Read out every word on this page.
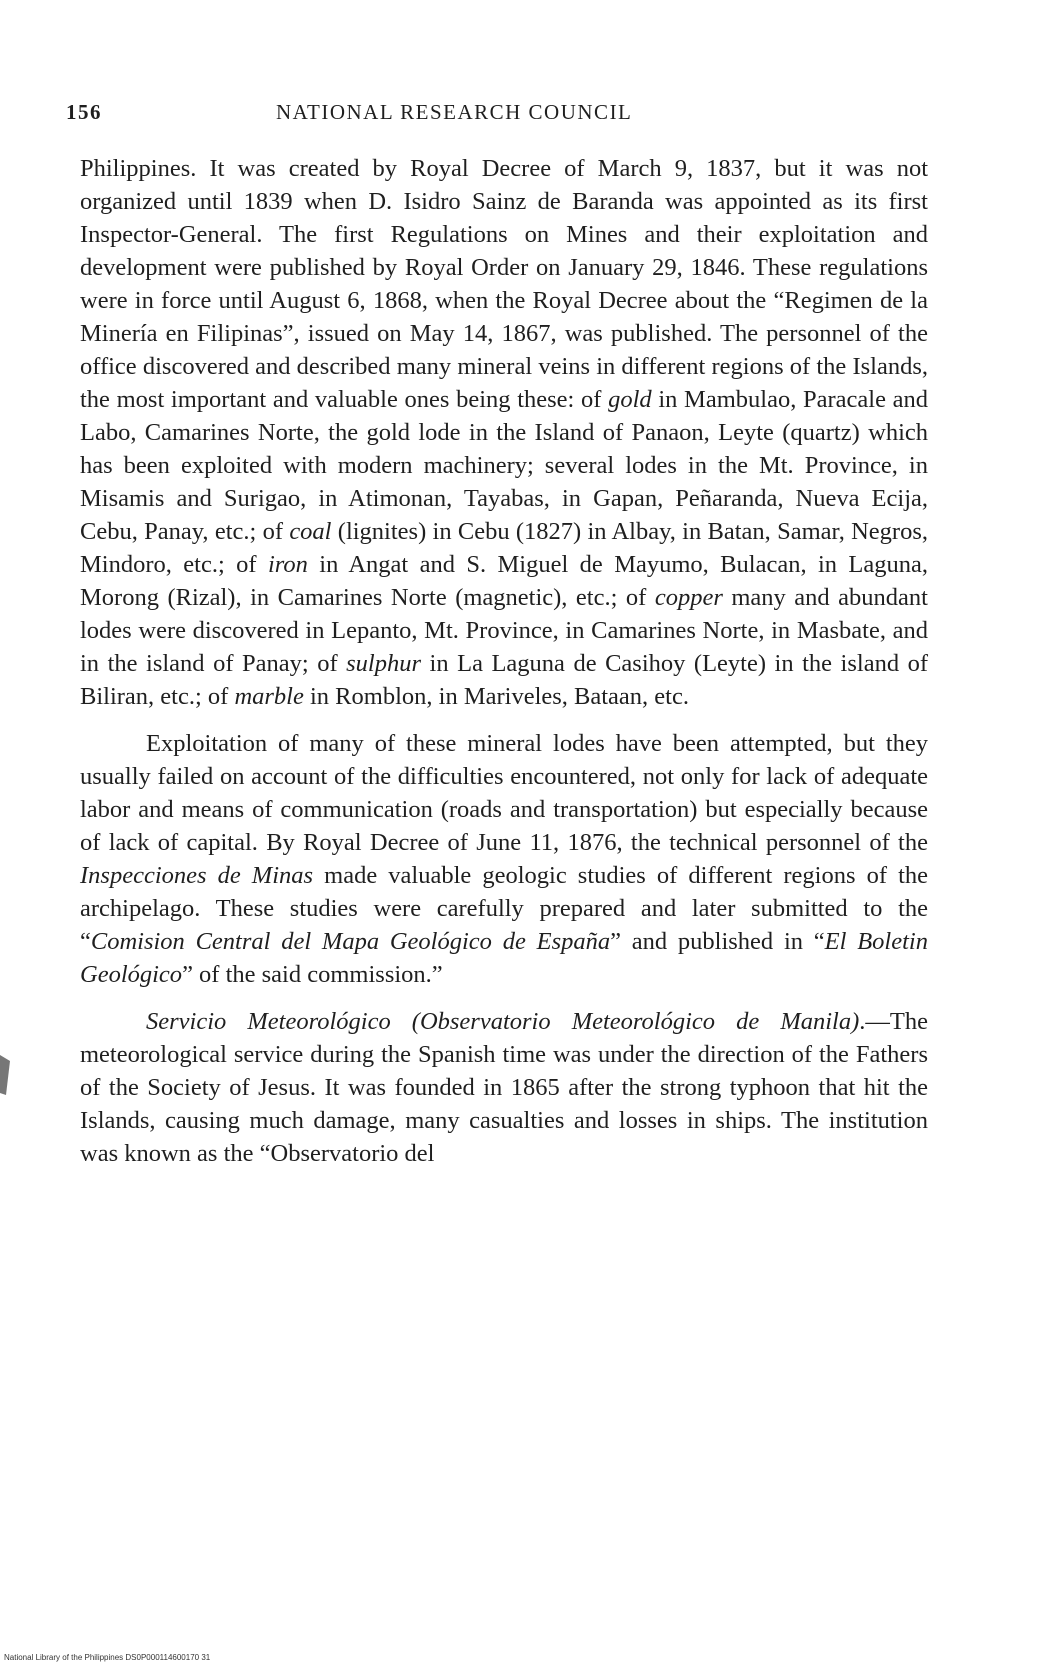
156	NATIONAL RESEARCH COUNCIL

Philippines. It was created by Royal Decree of March 9, 1837, but it was not organized until 1839 when D. Isidro Sainz de Baranda was appointed as its first Inspector-General. The first Regulations on Mines and their exploitation and development were published by Royal Order on January 29, 1846. These regulations were in force until August 6, 1868, when the Royal Decree about the “Regimen de la Minería en Filipinas”, issued on May 14, 1867, was published. The personnel of the office discovered and described many mineral veins in different regions of the Islands, the most important and valuable ones being these: of gold in Mambulao, Paracale and Labo, Camarines Norte, the gold lode in the Island of Panaon, Leyte (quartz) which has been exploited with modern machinery; several lodes in the Mt. Province, in Misamis and Surigao, in Atimonan, Tayabas, in Gapan, Peñaranda, Nueva Ecija, Cebu, Panay, etc.; of coal (lignites) in Cebu (1827) in Albay, in Batan, Samar, Negros, Mindoro, etc.; of iron in Angat and S. Miguel de Mayumo, Bulacan, in Laguna, Morong (Rizal), in Camarines Norte (magnetic), etc.; of copper many and abundant lodes were discovered in Lepanto, Mt. Province, in Camarines Norte, in Masbate, and in the island of Panay; of sulphur in La Laguna de Casihoy (Leyte) in the island of Biliran, etc.; of marble in Romblon, in Mariveles, Bataan, etc.

Exploitation of many of these mineral lodes have been attempted, but they usually failed on account of the difficulties encountered, not only for lack of adequate labor and means of communication (roads and transportation) but especially because of lack of capital. By Royal Decree of June 11, 1876, the technical personnel of the Inspecciones de Minas made valuable geologic studies of different regions of the archipelago. These studies were carefully prepared and later submitted to the “Comision Central del Mapa Geológico de España” and published in “El Boletin Geológico” of the said commission.”

Servicio Meteorológico (Observatorio Meteorológico de Manila).—The meteorological service during the Spanish time was under the direction of the Fathers of the Society of Jesus. It was founded in 1865 after the strong typhoon that hit the Islands, causing much damage, many casualties and losses in ships. The institution was known as the “Observatorio del

National Library of the Philippines DS0P000114600170 31
